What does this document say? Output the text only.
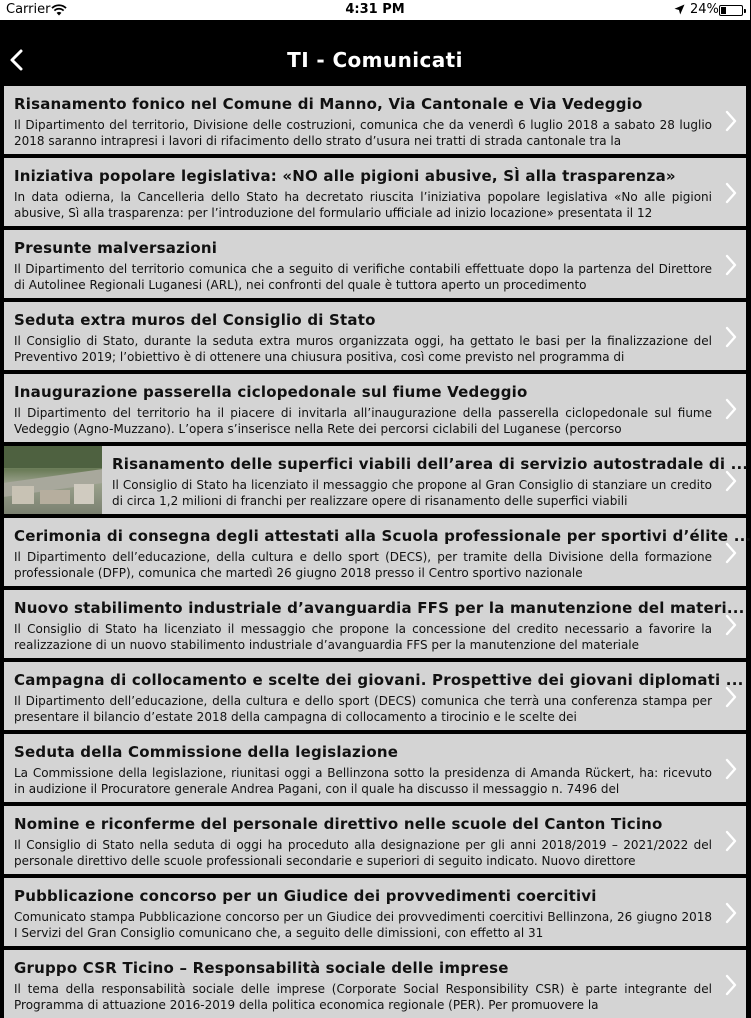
Carrier	4:31 PM	24%
TI - Comunicati
Risanamento fonico nel Comune di Manno, Via Cantonale e Via Vedeggio
Il Dipartimento del territorio, Divisione delle costruzioni, comunica che da venerdì 6 luglio 2018 a sabato 28 luglio 2018 saranno intrapresi i lavori di rifacimento dello strato d’usura nei tratti di strada cantonale tra la
Iniziativa popolare legislativa: «NO alle pigioni abusive, SÌ alla trasparenza»
In data odierna, la Cancelleria dello Stato ha decretato riuscita l’iniziativa popolare legislativa «No alle pigioni abusive, Sì alla trasparenza: per l’introduzione del formulario ufficiale ad inizio locazione» presentata il 12
Presunte malversazioni
Il Dipartimento del territorio comunica che a seguito di verifiche contabili effettuate dopo la partenza del Direttore di Autolinee Regionali Luganesi (ARL), nei confronti del quale è tuttora aperto un procedimento
Seduta extra muros del Consiglio di Stato
Il Consiglio di Stato, durante la seduta extra muros organizzata oggi, ha gettato le basi per la finalizzazione del Preventivo 2019; l’obiettivo è di ottenere una chiusura positiva, così come previsto nel programma di
Inaugurazione passerella ciclopedonale sul fiume Vedeggio
Il Dipartimento del territorio ha il piacere di invitarla all’inaugurazione della passerella ciclopedonale sul fiume Vedeggio (Agno-Muzzano). L’opera s’inserisce nella Rete dei percorsi ciclabili del Luganese (percorso
Risanamento delle superfici viabili dell’area di servizio autostradale di ...
Il Consiglio di Stato ha licenziato il messaggio che propone al Gran Consiglio di stanziare un credito di circa 1,2 milioni di franchi per realizzare opere di risanamento delle superfici viabili
Cerimonia di consegna degli attestati alla Scuola professionale per sportivi d’élite ...
Il Dipartimento dell’educazione, della cultura e dello sport (DECS), per tramite della Divisione della formazione professionale (DFP), comunica che martedì 26 giugno 2018 presso il Centro sportivo nazionale
Nuovo stabilimento industriale d’avanguardia FFS per la manutenzione del materi...
Il Consiglio di Stato ha licenziato il messaggio che propone la concessione del credito necessario a favorire la realizzazione di un nuovo stabilimento industriale d’avanguardia FFS per la manutenzione del materiale
Campagna di collocamento e scelte dei giovani. Prospettive dei giovani diplomati ...
Il Dipartimento dell’educazione, della cultura e dello sport (DECS) comunica che terrà una conferenza stampa per presentare il bilancio d’estate 2018 della campagna di collocamento a tirocinio e le scelte dei
Seduta della Commissione della legislazione
La Commissione della legislazione, riunitasi oggi a Bellinzona sotto la presidenza di Amanda Rückert, ha: ricevuto in audizione il Procuratore generale Andrea Pagani, con il quale ha discusso il messaggio n. 7496 del
Nomine e riconferme del personale direttivo nelle scuole del Canton Ticino
Il Consiglio di Stato nella seduta di oggi ha proceduto alla designazione per gli anni 2018/2019 – 2021/2022 del personale direttivo delle scuole professionali secondarie e superiori di seguito indicato. Nuovo direttore
Pubblicazione concorso per un Giudice dei provvedimenti coercitivi
Comunicato stampa Pubblicazione concorso per un Giudice dei provvedimenti coercitivi Bellinzona, 26 giugno 2018 I Servizi del Gran Consiglio comunicano che, a seguito delle dimissioni, con effetto al 31
Gruppo CSR Ticino – Responsabilità sociale delle imprese
Il tema della responsabilità sociale delle imprese (Corporate Social Responsibility CSR) è parte integrante del Programma di attuazione 2016-2019 della politica economica regionale (PER). Per promuovere la
